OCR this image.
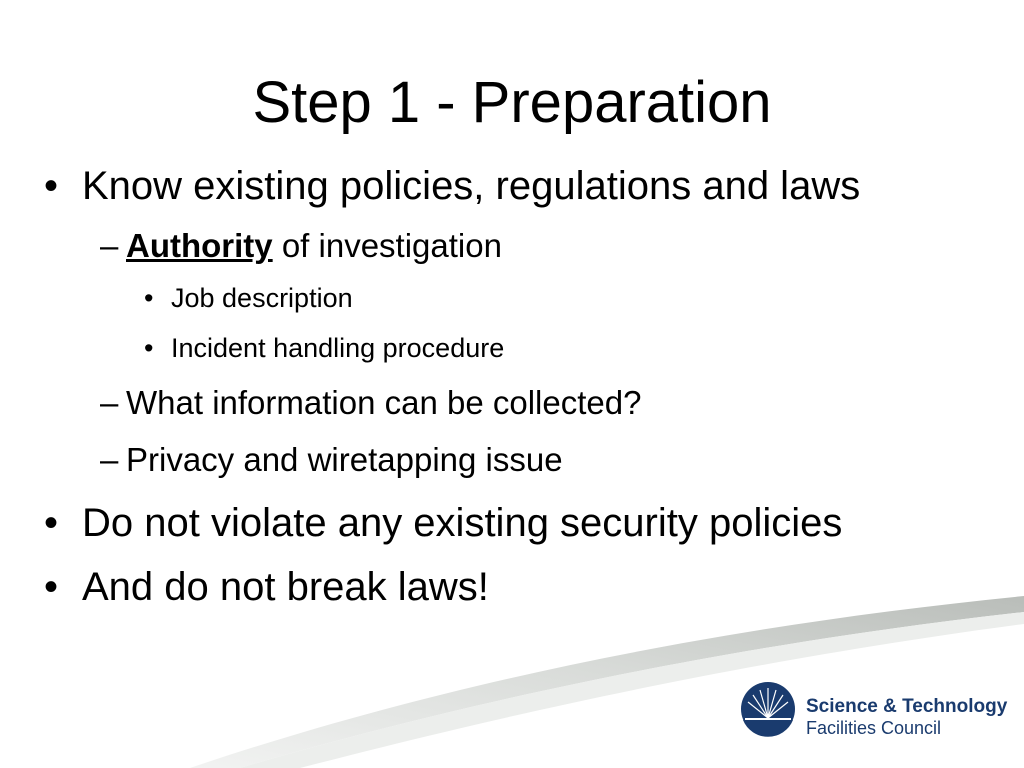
Step 1 - Preparation
• Know existing policies, regulations and laws
– Authority of investigation
• Job description
• Incident handling procedure
– What information can be collected?
– Privacy and wiretapping issue
• Do not violate any existing security policies
• And do not break laws!
Science & Technology
Facilities Council
